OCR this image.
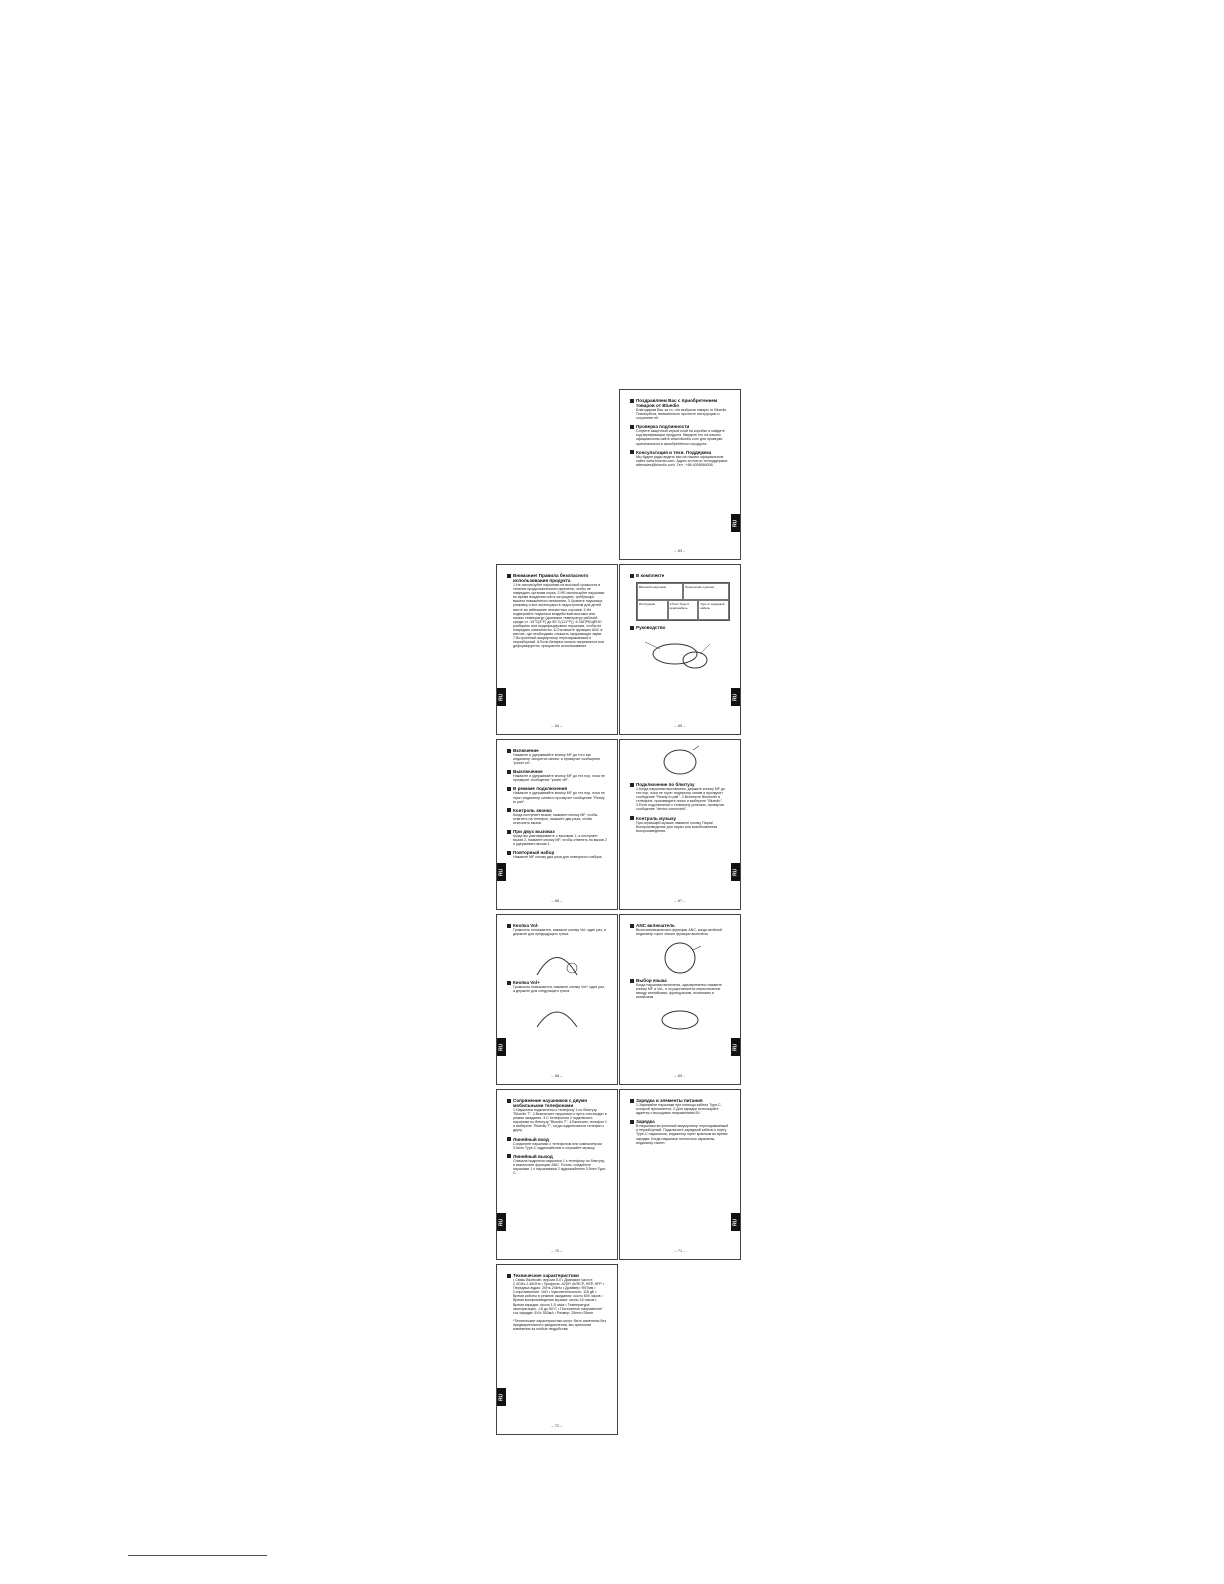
Поздравляем Вас с приобретением товаров от Bluedio
Благодарим Вас за то, что выбрали товары от Bluedio. Пожалуйста, внимательно прочтите инструкцию и сохраните её.
Проверка подлинности
Сотрите защитный серый слой на коробке и найдите код верификации продукта. Введите его на нашем официальном сайте www.bluedio.com для проверки оригинальности приобретённого продукта.
Консультация и техн. Поддержка
Мы будем рады видеть вас на нашем официальном сайте www.bluedio.com. Адрес эл.почты техподдержки: aftersales@bluedio.com. Тел.: +86 4006584008.
RU
-- 63 --
Внимание! Правила безопасного использования продукта
1.Не используйте наушники на высокой громкости в течение продолжительного времени, чтобы не навредить органам слуха. 2.НЕ используйте наушники во время вождения или в ситуациях, требующих вашего повышенного внимания. 3.Храните наушники, упаковку и все аксессуары в недоступном для детей месте во избежание несчастных случаев. 4.Не подвергайте наушники воздействию высоких или низких температур (диапазон температур рабочей среды от -15°C(5°F) до 50°C(122°F)). 5.ЗАПРЕЩЕНО разбирать или модифицировать наушники, чтобы не повредить компоненты. 6.Отключите функцию ANC в местах, где необходимо слышать окружающие звуки. 7.Встроенный аккумулятор перезаряжаемый и неразборный. 8.Если батарея сильно нагревается или деформируется, прекратите использование.
RU
-- 64 --
В комплекте
Bluetooth-наушники	Переносная сумочка
Инструкция	3.5mm Type-C аудиокабель
Type-C зарядный кабель
Руководство
RU
-- 65 --
Включение
Нажмите и удерживайте кнопку MF до того как индикатор загорится синим, и прозвучит сообщение "power on".
Выключение
Нажмите и удерживайте кнопку MF до тех пор, пока не прозвучит сообщение "power off".
В режиме подключения
Нажмите и удерживайте кнопку MF до тех пор, пока не горит индикатор синим и прозвучит сообщение "Ready to pair".
Контроль звонка
Когда поступает вызов, нажмите кнопку MF, чтобы ответить на телефон, нажмите два раза, чтобы отклонить вызов.
При двух вызовах
Когда вы разговариваете с вызовом 1, а поступает вызов 2, нажмите кнопку MF, чтобы ответить на вызов 2 и удерживать вызов 1.
Повторный набор
Нажмите MF кнопку два раза для повторного набора.
RU
-- 66 --
Подключение по блютузу
1.Когда наушники выключены, держите кнопку MF до тех пор, пока не горит индикатор синим и прозвучит сообщение "Ready to pair". 2.Включите Bluetooth в телефоне, произведите поиск и выберите "Bluedio". 3.Если подключение к телефону успешно, прозвучит сообщение "device connected".
Контроль музыку
При играющей музыке нажмите кнопку Пауза/Воспроизведение для паузы или возобновления воспроизведения.
RU
-- 67 --
Кнопка Vol-
Громкость понижается, нажмите кнопку Vol- один раз, а держите для предыдущего трека.
Кнопка Vol+
Громкость повышается, нажмите кнопку Vol+ один раз, а держите для следующего трека.
RU
-- 68 --
ANC включатель
Включить/выключить функцию ANC, когда зелёный индикатор горит значит функция включена.
Выбор языка
Когда наушники включены, одновременно нажмите кнопку MF и Vol-, и осуществляется переключение между английским, французским, испанским и китайским.
RU
-- 69 --
Сопряжение наушников с двумя мобильными телефонами
1.Наушники подключены к телефону 1 по блютузу "Bluedio T". 2.Выключите наушники и пусть они входят в режим ожидания. 3.С телефоном 2 подключить наушники по блютузу "Bluedio T". 4.Включить телефон 1 и выберите "Bluedio T", тогда подключается телефон к другу.
Линейный вход
Соедините наушники с телефоном или компьютером 3.5mm Type-C аудиокабелем и слушайте музыку.
Линейный выход
Сначала подключи наушники 1 к телефону по блютузу, и выключите функцию ANC. Потом, соедините наушники 1 с наушниками 2 аудиокабелем 3.5mm Type-C.
RU
-- 70 --
Зарядка и элементы питания
1.Заряжайте наушники при помощи кабеля Type-C, который прилагается. 2.Для зарядки используйте адаптер с выходным напряжением 5V.
Зарядка
В наушники встроенный аккумулятор перезаряжаемый и неразборный. Подключите зарядный кабель к порту Type-C наушников, индикатор горит красным во время зарядки. Когда наушники полностью заряжены, индикатор гаснет.
RU
-- 71 --
Технические характеристики
• Связь Bluetooth: версия 5.0 • Диапазон частот: 2.4GHz-2.48GHz • Профиль: A2DP, AVRCP, HSP, HFP • Передача аудио: 20Hz-20kHz • Драйвер: Φ57мм • Сопротивление: 16Ω • Чувствительность: 116 дБ • Время работы в режиме ожидания: около 600 часов • Время воспроизведения музыки: около 16 часов • Время зарядки: около 1.5 часа • Температура эксплуатации: -15 до 50°C • Постоянное напряжение/ток зарядки: 5V/≥ 500мА • Размер: 25mm×25mm
*Технические характеристики могут быть изменены без предварительного уведомления, мы приносим извинения за любые неудобства.
RU
-- 72 --
